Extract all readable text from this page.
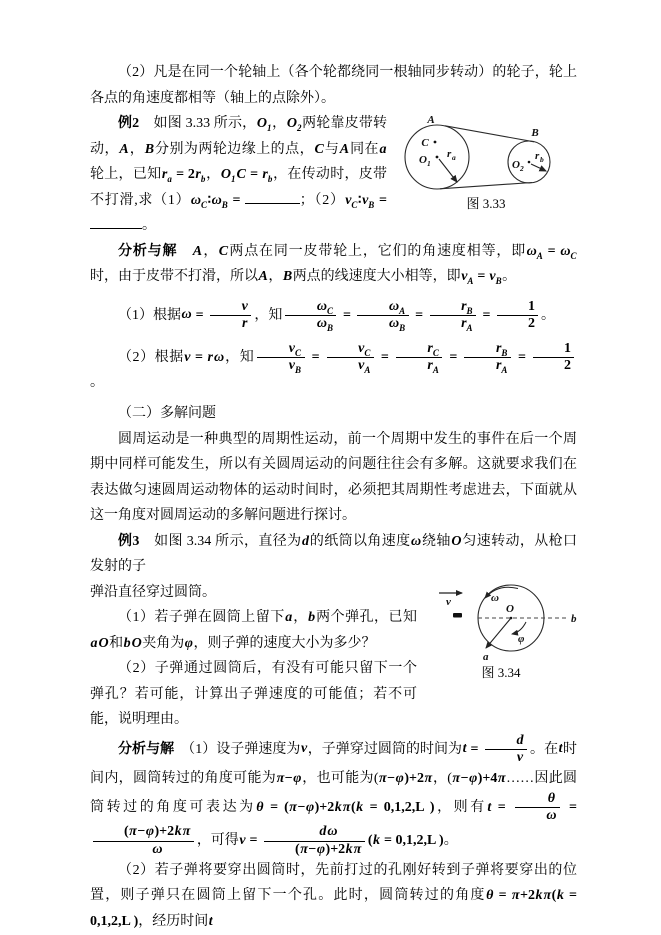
（2）凡是在同一个轮轴上（各个轮都绕同一根轴同步转动）的轮子，轮上各点的角速度都相等（轴上的点除外）。

A
B
C
O 1	O 2
r a	r b
图 3.33

例2　如图 3.33 所示，$O_1$，$O_2$两轮靠皮带转动，A，B分别为两轮边缘上的点，C与A同在a轮上，已知$r_a = 2r_b$，$O_1C = r_b$，在传动时，皮带不打滑,求$(1)\omega_C∶\omega_B$ =	；$(2)v_C∶v_B$ = 。

分析与解　 A，C两点在同一皮带轮上，它们的角速度相等，即$\omega_A = \omega_C$时，由于皮带不打滑，所以A，B两点的线速度大小相等，即$v_A = v_B$。

（1）根据$\omega = \frac{v}{r}$ ，知 $\frac{\omega_C}{\omega_B} = \frac{\omega_A}{\omega_B} = \frac{r_B}{r_A} = \frac{1}{2}$ 。

（2）根据v = rω，知 $\frac{v_C}{v_B} = \frac{v_C}{v_A} = \frac{r_C}{r_A} = \frac{r_B}{r_A} = \frac{1}{2}$
。

（二）多解问题

圆周运动是一种典型的周期性运动，前一个周期中发生的事件在后一个周期中同样可能发生，所以有关圆周运动的问题往往会有多解。这就要求我们在表达做匀速圆周运动物体的运动时间时，必须把其周期性考虑进去，下面就从这一角度对圆周运动的多解问题进行探讨。

例3　如图 3.34 所示，直径为d的纸筒以角速度ω绕轴O匀速转动，从枪口发射的子

ω
O
b
a
φ
v
图 3.34

弹沿直径穿过圆筒。

（1）若子弹在圆筒上留下a，b两个弹孔，已知aO和bO夹角为φ，则子弹的速度大小为多少？

（2）子弹通过圆筒后，有没有可能只留下一个弹孔？若可能，计算出子弹速度的可能值；若不可能，说明理由。

分析与解　（1）设子弹速度为v，子弹穿过圆筒的时间为$t = \frac{d}{v}$ 。在t时间内，圆筒转过的角度可能为π−φ，也可能为(π−φ)+2π，(π−φ)+4π……因此圆筒转过的角度可表达为θ = (π−φ)+2kπ(k = 0,1,2,L )，则有$t = \frac{\theta}{\omega}$ =
$\frac{(\pi-\varphi)+2k\pi}{\omega}$ ，可得$v = \frac{d\omega}{(\pi-\varphi)+2k\pi} (k = 0,1,2,L$ )。

（2）若子弹将要穿出圆筒时，先前打过的孔刚好转到子弹将要穿出的位置，则子弹只在圆筒上留下一个孔。此时，圆筒转过的角度θ = π+2kπ(k = 0,1,2,L )，经历时间t
